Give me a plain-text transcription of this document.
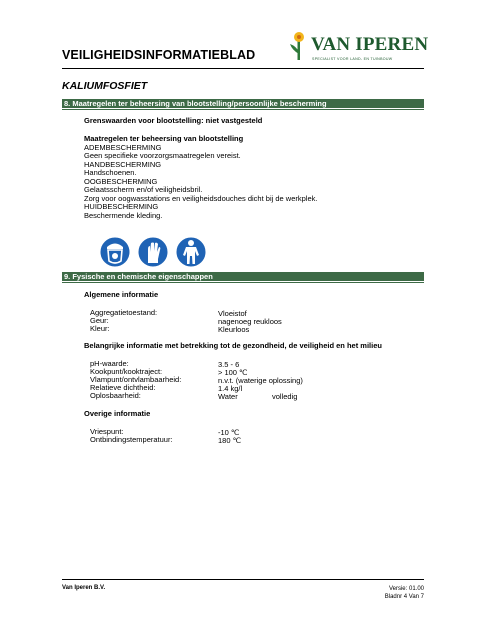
VEILIGHEIDSINFORMATIEBLAD	VAN IPEREN
SPECIALIST VOOR LAND- EN TUINBOUW
KALIUMFOSFIET
8. Maatregelen ter beheersing van blootstelling/persoonlijke bescherming
Grenswaarden voor blootstelling: niet vastgesteld
Maatregelen ter beheersing van blootstelling
ADEMBESCHERMING
Geen specifieke voorzorgsmaatregelen vereist.
HANDBESCHERMING
Handschoenen.
OOGBESCHERMING
Gelaatsscherm en/of veiligheidsbril.
Zorg voor oogwasstations en veiligheidsdouches dicht bij de werkplek.
HUIDBESCHERMING
Beschermende kleding.
9. Fysische en chemische eigenschappen
Algemene informatie
Aggregatietoestand:	Vloeistof
Geur:	nagenoeg reukloos
Kleur:	Kleurloos
Belangrijke informatie met betrekking tot de gezondheid, de veiligheid en het milieu
pH-waarde:	3.5 - 6
Kookpunt/kooktraject:	> 100 ℃
Vlampunt/ontvlambaarheid:	n.v.t. (waterige oplossing)
Relatieve dichtheid:	1.4 kg/l
Oplosbaarheid:	Water	volledig
Overige informatie
Vriespunt:	-10 ℃
Ontbindingstemperatuur:	180 ℃
Van Iperen B.V.	Versie: 01.00
Bladnr 4 Van 7
